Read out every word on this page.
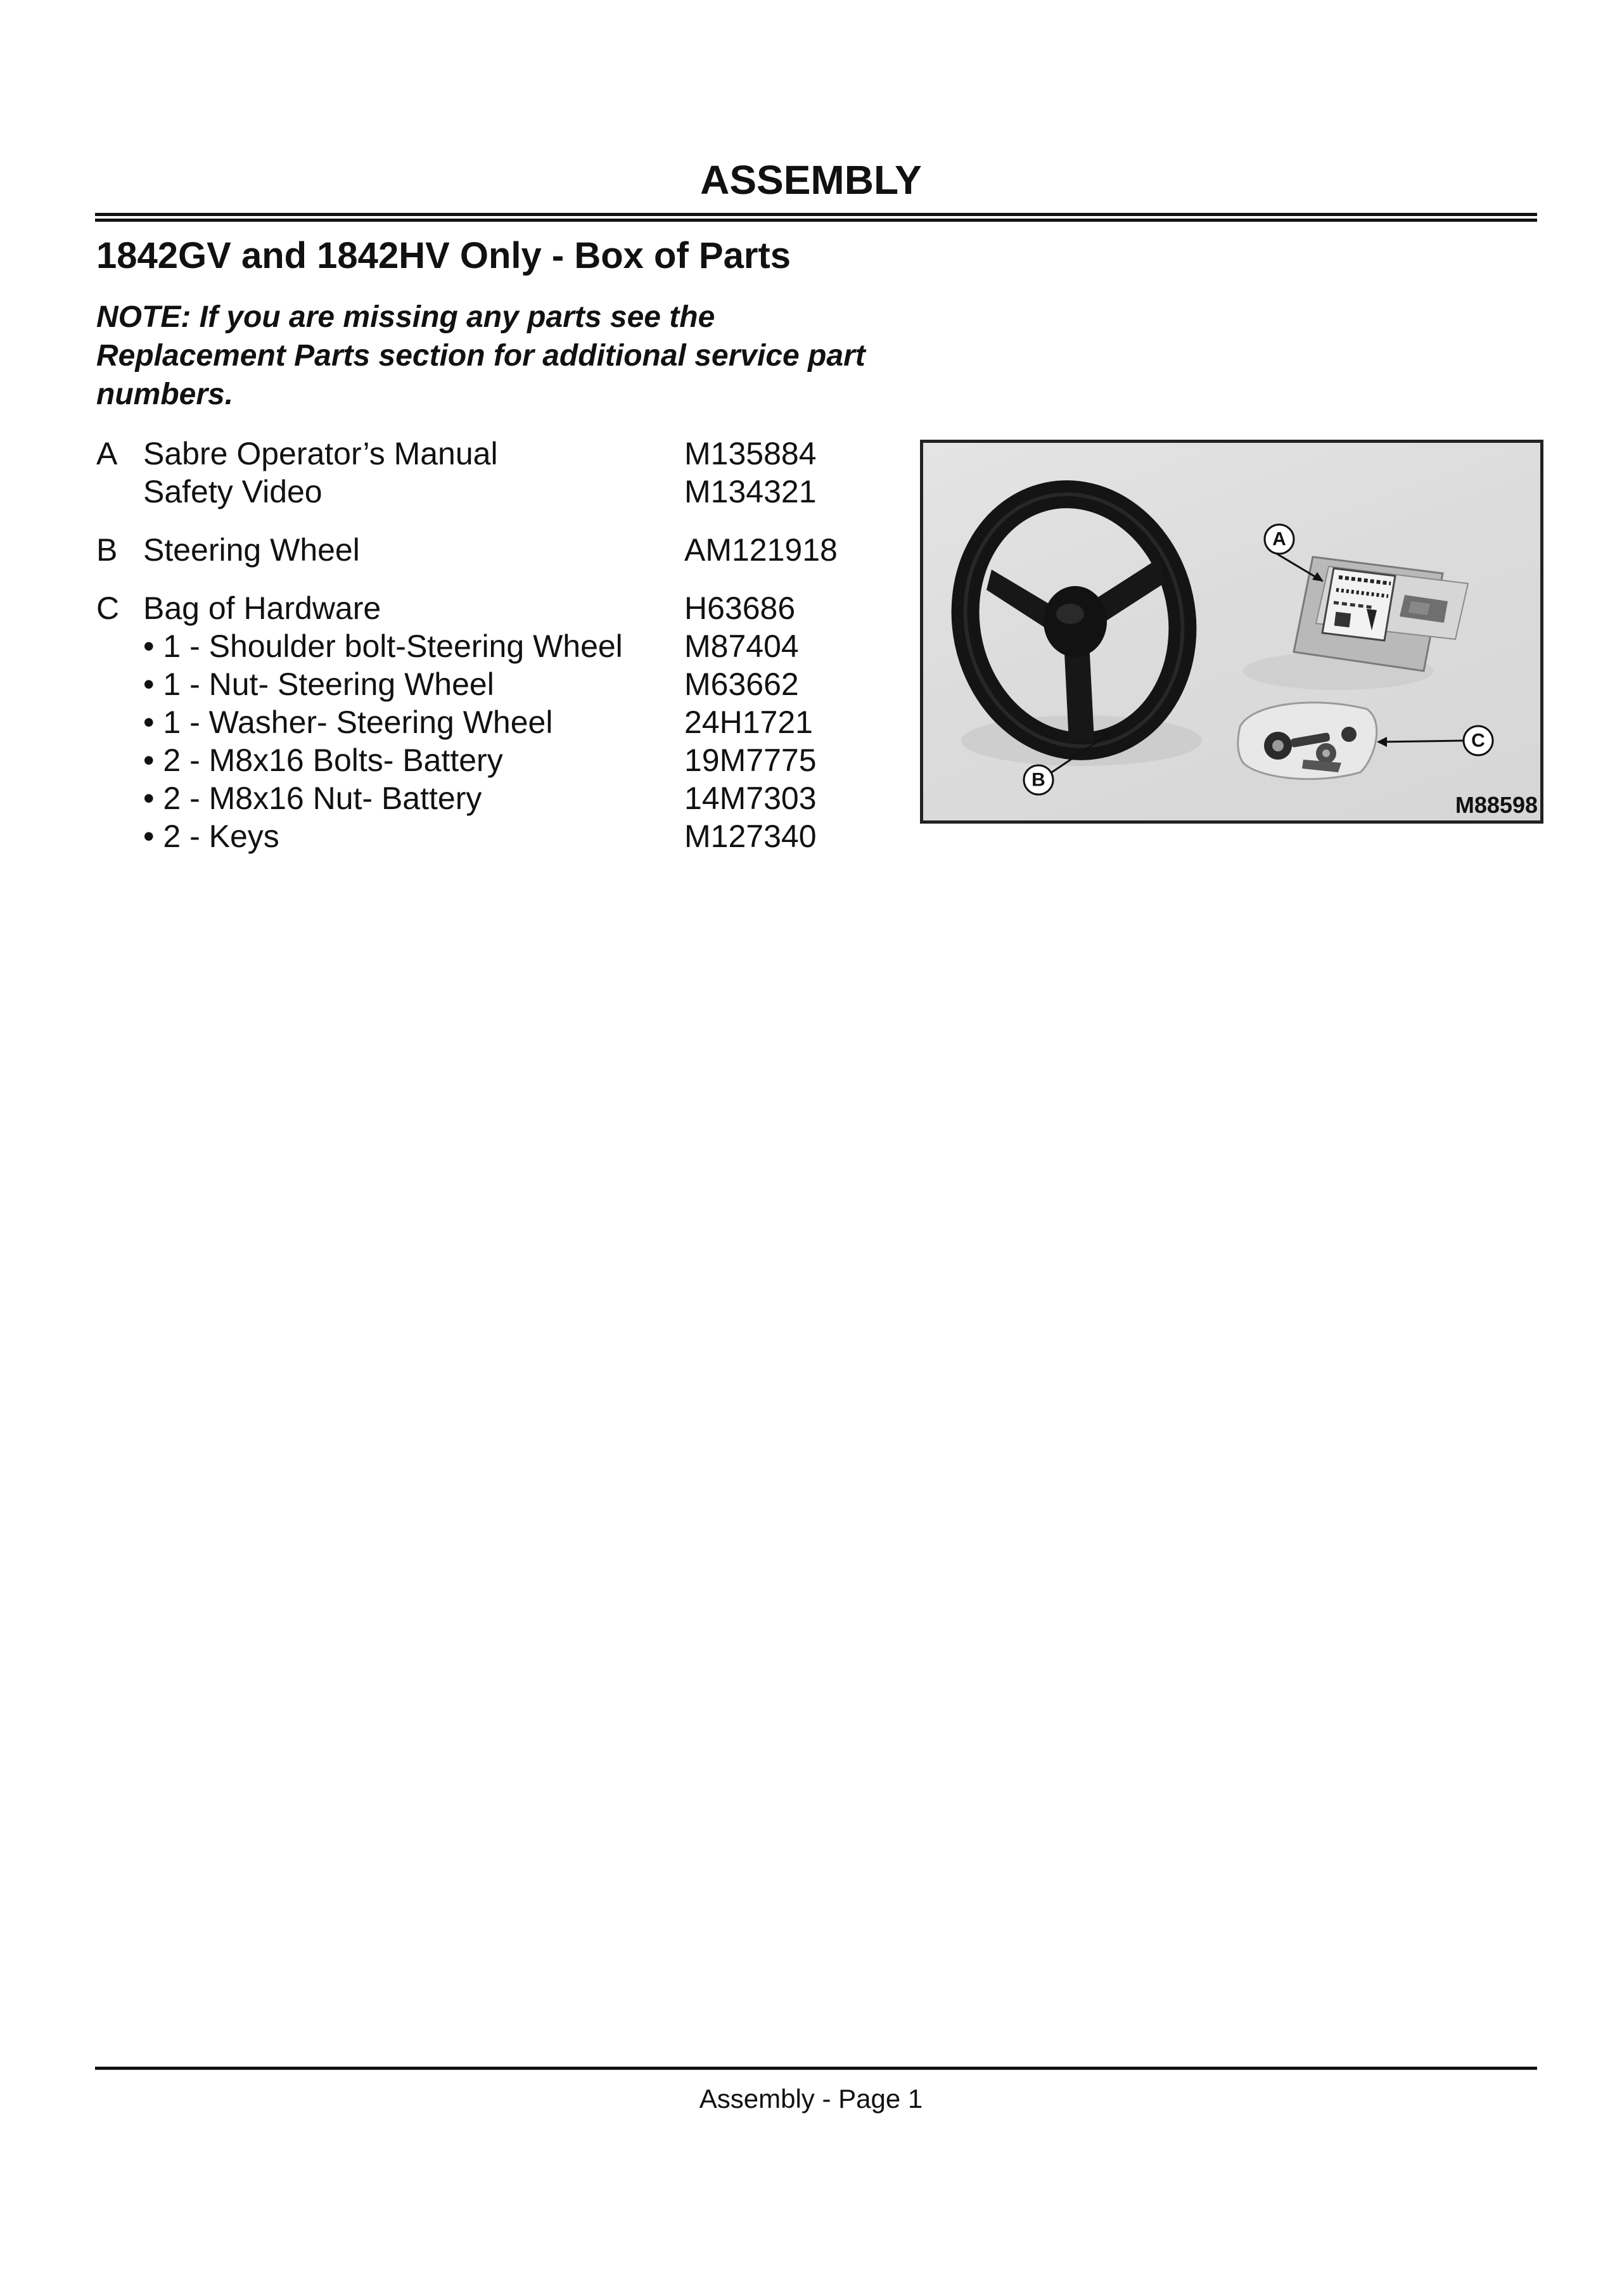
ASSEMBLY
1842GV and 1842HV Only - Box of Parts
NOTE: If you are missing any parts see the Replacement Parts section for additional service part numbers.
A Sabre Operator’s Manual	M135884
Safety Video	M134321
B Steering Wheel	AM121918
C Bag of Hardware	H63686
• 1 - Shoulder bolt-Steering Wheel M87404
• 1 - Nut- Steering Wheel	M63662
• 1 - Washer- Steering Wheel	24H1721
• 2 - M8x16 Bolts- Battery	19M7775
• 2 - M8x16 Nut- Battery	14M7303
• 2 - Keys	M127340
A
B
C
M88598
Assembly - Page 1
